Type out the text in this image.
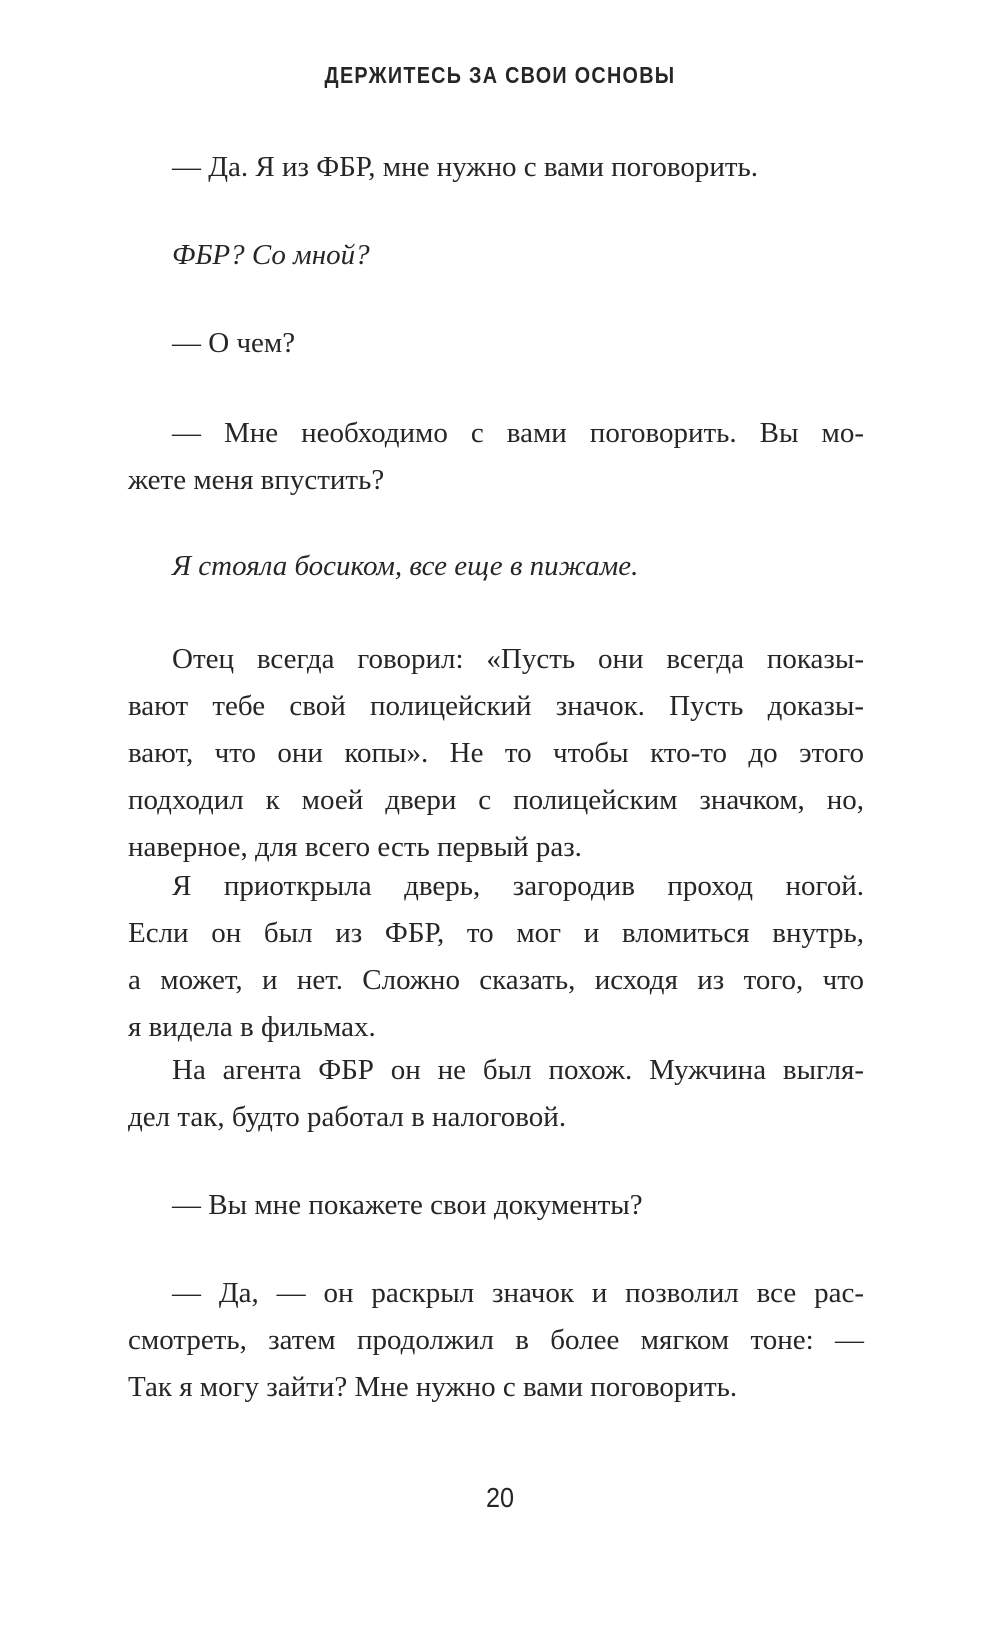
ДЕРЖИТЕСЬ ЗА СВОИ ОСНОВЫ
— Да. Я из ФБР, мне нужно с вами поговорить.
ФБР? Со мной?
— О чем?
— Мне необходимо с вами поговорить. Вы мо-
жете меня впустить?
Я стояла босиком, все еще в пижаме.
Отец всегда говорил: «Пусть они всегда показы-
вают тебе свой полицейский значок. Пусть доказы-
вают, что они копы». Не то чтобы кто-то до этого
подходил к моей двери с полицейским значком, но,
наверное, для всего есть первый раз.
Я приоткрыла дверь, загородив проход ногой.
Если он был из ФБР, то мог и вломиться внутрь,
а может, и нет. Сложно сказать, исходя из того, что
я видела в фильмах.
На агента ФБР он не был похож. Мужчина выгля-
дел так, будто работал в налоговой.
— Вы мне покажете свои документы?
— Да, — он раскрыл значок и позволил все рас-
смотреть, затем продолжил в более мягком тоне: —
Так я могу зайти? Мне нужно с вами поговорить.
20
